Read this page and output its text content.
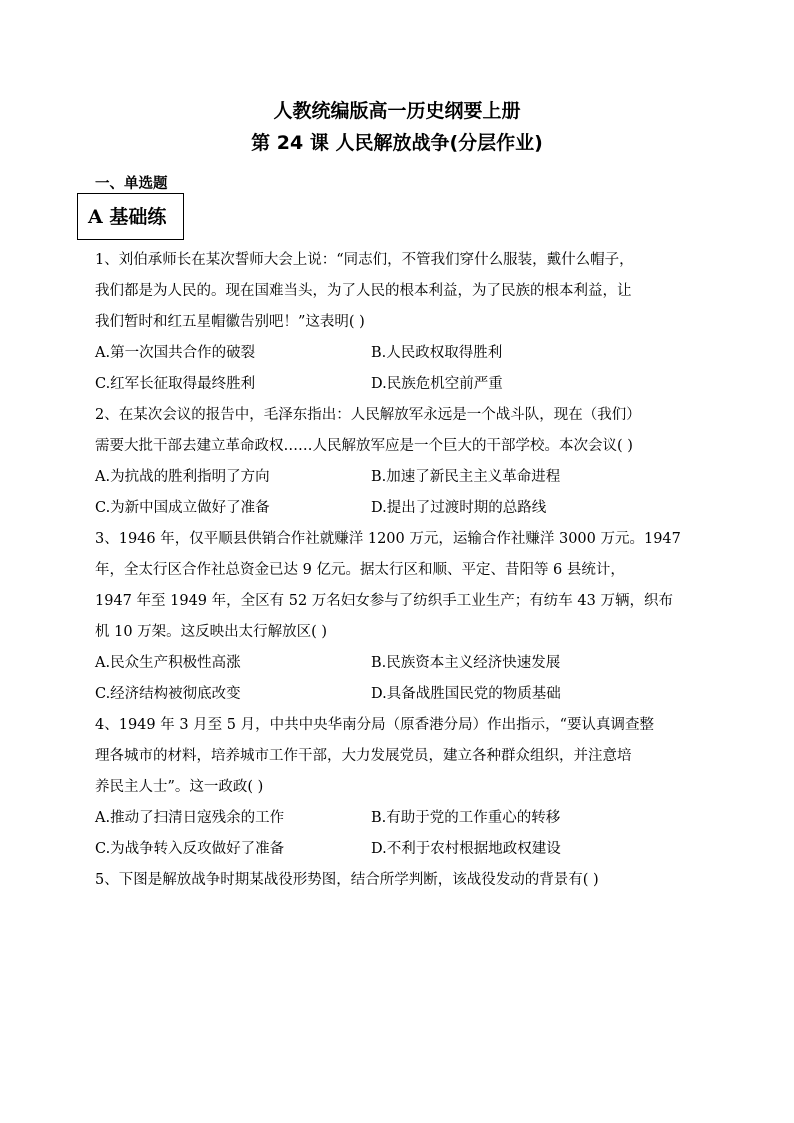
人教统编版高一历史纲要上册
第 24 课 人民解放战争(分层作业)
一、单选题
A 基础练
1、刘伯承师长在某次誓师大会上说：“同志们，不管我们穿什么服装，戴什么帽子，
我们都是为人民的。现在国难当头，为了人民的根本利益，为了民族的根本利益，让
我们暂时和红五星帽徽告别吧！”这表明( )
A.第一次国共合作的破裂	B.人民政权取得胜利
C.红军长征取得最终胜利	D.民族危机空前严重
2、在某次会议的报告中，毛泽东指出：人民解放军永远是一个战斗队，现在（我们）
需要大批干部去建立革命政权……人民解放军应是一个巨大的干部学校。本次会议( )
A.为抗战的胜利指明了方向	B.加速了新民主主义革命进程
C.为新中国成立做好了准备	D.提出了过渡时期的总路线
3、1946 年，仅平顺县供销合作社就赚洋 1200 万元，运输合作社赚洋 3000 万元。1947
年，全太行区合作社总资金已达 9 亿元。据太行区和顺、平定、昔阳等 6 县统计，
1947 年至 1949 年，全区有 52 万名妇女参与了纺织手工业生产；有纺车 43 万辆，织布
机 10 万架。这反映出太行解放区( )
A.民众生产积极性高涨	B.民族资本主义经济快速发展
C.经济结构被彻底改变	D.具备战胜国民党的物质基础
4、1949 年 3 月至 5 月，中共中央华南分局（原香港分局）作出指示，“要认真调查整
理各城市的材料，培养城市工作干部，大力发展党员，建立各种群众组织，并注意培
养民主人士”。这一政政( )
A.推动了扫清日寇残余的工作	B.有助于党的工作重心的转移
C.为战争转入反攻做好了准备	D.不利于农村根据地政权建设
5、下图是解放战争时期某战役形势图，结合所学判断，该战役发动的背景有( )
